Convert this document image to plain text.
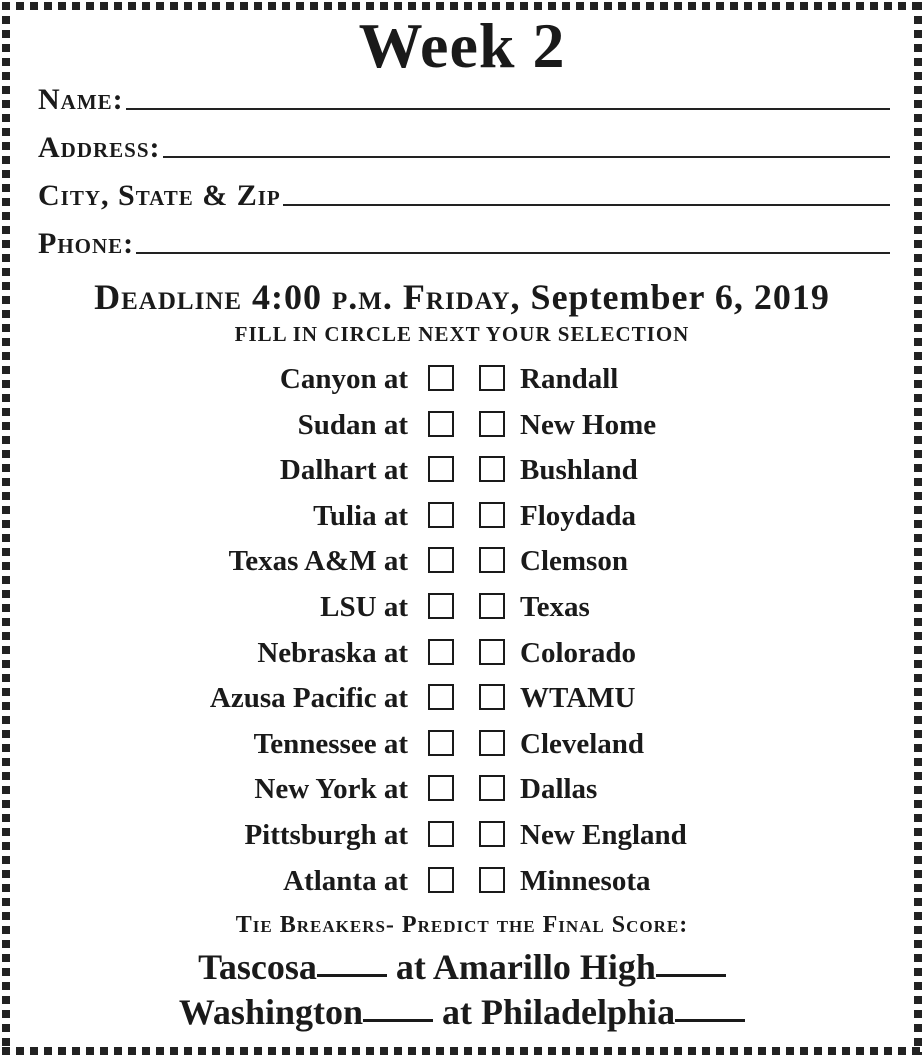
Week 2
Name:
Address:
City, State & Zip
Phone:
Deadline 4:00 p.m. Friday, September 6, 2019
FILL IN CIRCLE NEXT YOUR SELECTION
Canyon at	Randall
Sudan at	New Home
Dalhart at	Bushland
Tulia at	Floydada
Texas A&M at	Clemson
LSU at	Texas
Nebraska at	Colorado
Azusa Pacific at	WTAMU
Tennessee at	Cleveland
New York at	Dallas
Pittsburgh at	New England
Atlanta at	Minnesota
Tie Breakers- Predict the Final Score:
Tascosa at Amarillo High
Washington at Philadelphia
